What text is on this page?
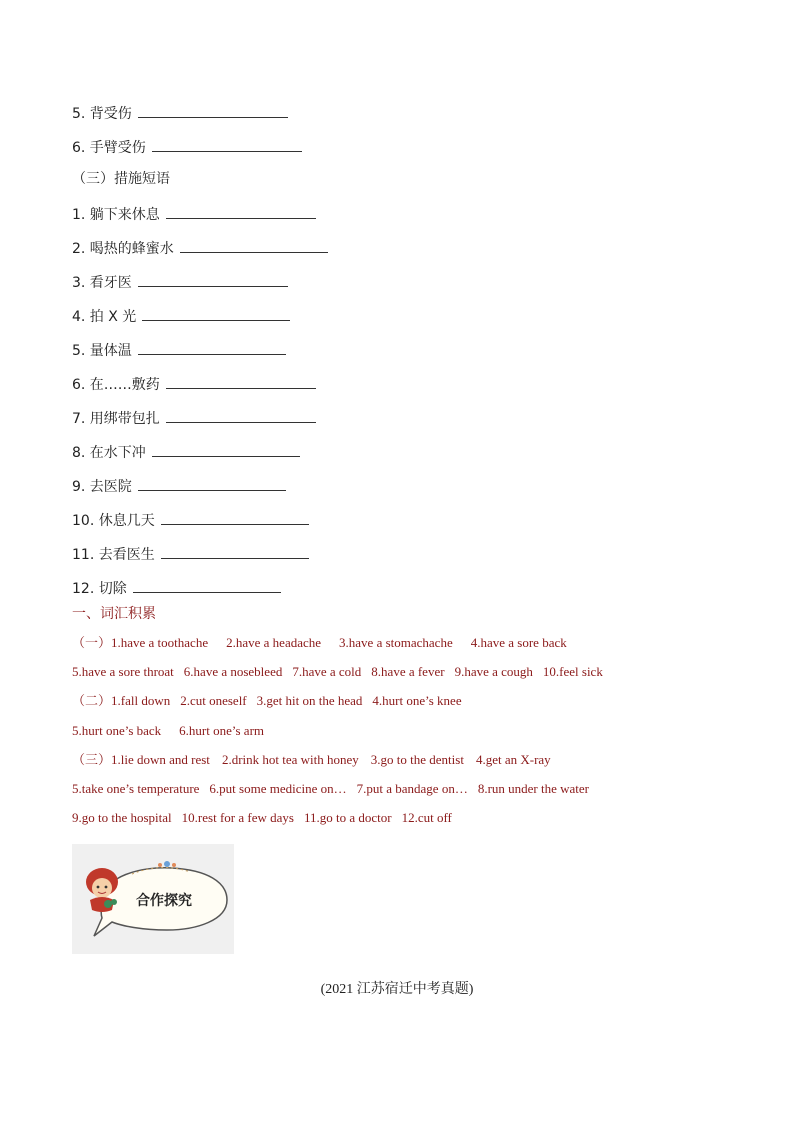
5. 背受伤
6. 手臂受伤
（三）措施短语
1. 躺下来休息
2. 喝热的蜂蜜水
3. 看牙医
4. 拍 X 光
5. 量体温
6. 在……敷药
7. 用绑带包扎
8. 在水下冲
9. 去医院
10. 休息几天
11. 去看医生
12. 切除
一、词汇积累
（一）1.have a toothache 2.have a headache 3.have a stomachache 4.have a sore back
5.have a sore throat 6.have a nosebleed 7.have a cold 8.have a fever 9.have a cough 10.feel sick
（二）1.fall down 2.cut oneself 3.get hit on the head 4.hurt one’s knee
5.hurt one’s back 6.hurt one’s arm
（三）1.lie down and rest 2.drink hot tea with honey 3.go to the dentist 4.get an X-ray
5.take one’s temperature 6.put some medicine on… 7.put a bandage on… 8.run under the water
9.go to the hospital 10.rest for a few days 11.go to a doctor 12.cut off
合作探究
(2021 江苏宿迁中考真题)
